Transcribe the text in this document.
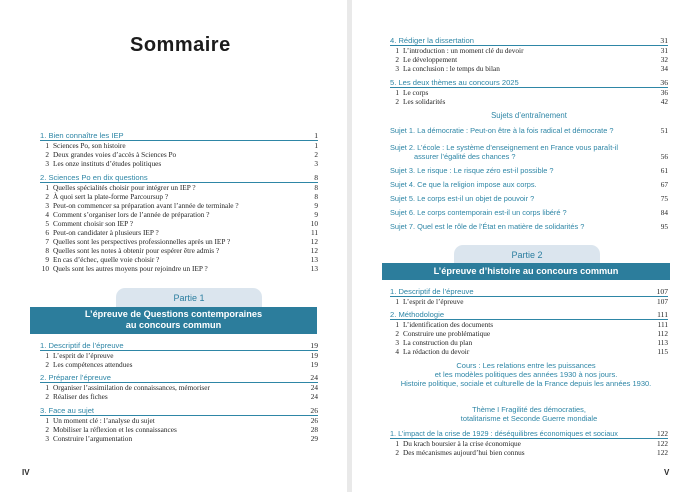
Sommaire
1. Bien connaître les IEP	1
1 Sciences Po, son histoire	1
2 Deux grandes voies d’accès à Sciences Po	2
3 Les onze instituts d’études politiques	3
2. Sciences Po en dix questions	8
1 Quelles spécialités choisir pour intégrer un IEP ?	8
2 À quoi sert la plate-forme Parcoursup ?	8
3 Peut-on commencer sa préparation avant l’année de terminale ?	9
4 Comment s’organiser lors de l’année de préparation ?	9
5 Comment choisir son IEP ?	10
6 Peut-on candidater à plusieurs IEP ?	11
7 Quelles sont les perspectives professionnelles après un IEP ?	12
8 Quelles sont les notes à obtenir pour espérer être admis ?	12
9 En cas d’échec, quelle voie choisir ?	13
10 Quels sont les autres moyens pour rejoindre un IEP ?	13
Partie 1
L’épreuve de Questions contemporaines
au concours commun
1. Descriptif de l’épreuve	19
1 L’esprit de l’épreuve	19
2 Les compétences attendues	19
2. Préparer l’épreuve	24
1 Organiser l’assimilation de connaissances, mémoriser	24
2 Réaliser des fiches	24
3. Face au sujet	26
1 Un moment clé : l’analyse du sujet	26
2 Mobiliser la réflexion et les connaissances	28
3 Construire l’argumentation	29
IV
4. Rédiger la dissertation	31
1 L’introduction : un moment clé du devoir	31
2 Le développement	32
3 La conclusion : le temps du bilan	34
5. Les deux thèmes au concours 2025	36
1 Le corps	36
2 Les solidarités	42
Sujets d’entraînement
Sujet 1. La démocratie : Peut-on être à la fois radical et démocrate ?	51
Sujet 2. L’école : Le système d’enseignement en France vous paraît-il
assurer l’égalité des chances ?	56
Sujet 3. Le risque : Le risque zéro est-il possible ?	61
Sujet 4. Ce que la religion impose aux corps.	67
Sujet 5. Le corps est-il un objet de pouvoir ?	75
Sujet 6. Le corps contemporain est-il un corps libéré ?	84
Sujet 7. Quel est le rôle de l’État en matière de solidarités ?	95
Partie 2
L’épreuve d’histoire au concours commun
1. Descriptif de l’épreuve	107
1 L’esprit de l’épreuve	107
2. Méthodologie	111
1 L’identification des documents	111
2 Construire une problématique	112
3 La construction du plan	113
4 La rédaction du devoir	115
Cours : Les relations entre les puissances
et les modèles politiques des années 1930 à nos jours.
Histoire politique, sociale et culturelle de la France depuis les années 1930.
Thème I Fragilité des démocraties,
totalitarisme et Seconde Guerre mondiale
1. L’impact de la crise de 1929 : déséquilibres économiques et sociaux	122
1 Du krach boursier à la crise économique	122
2 Des mécanismes aujourd’hui bien connus	122
V
